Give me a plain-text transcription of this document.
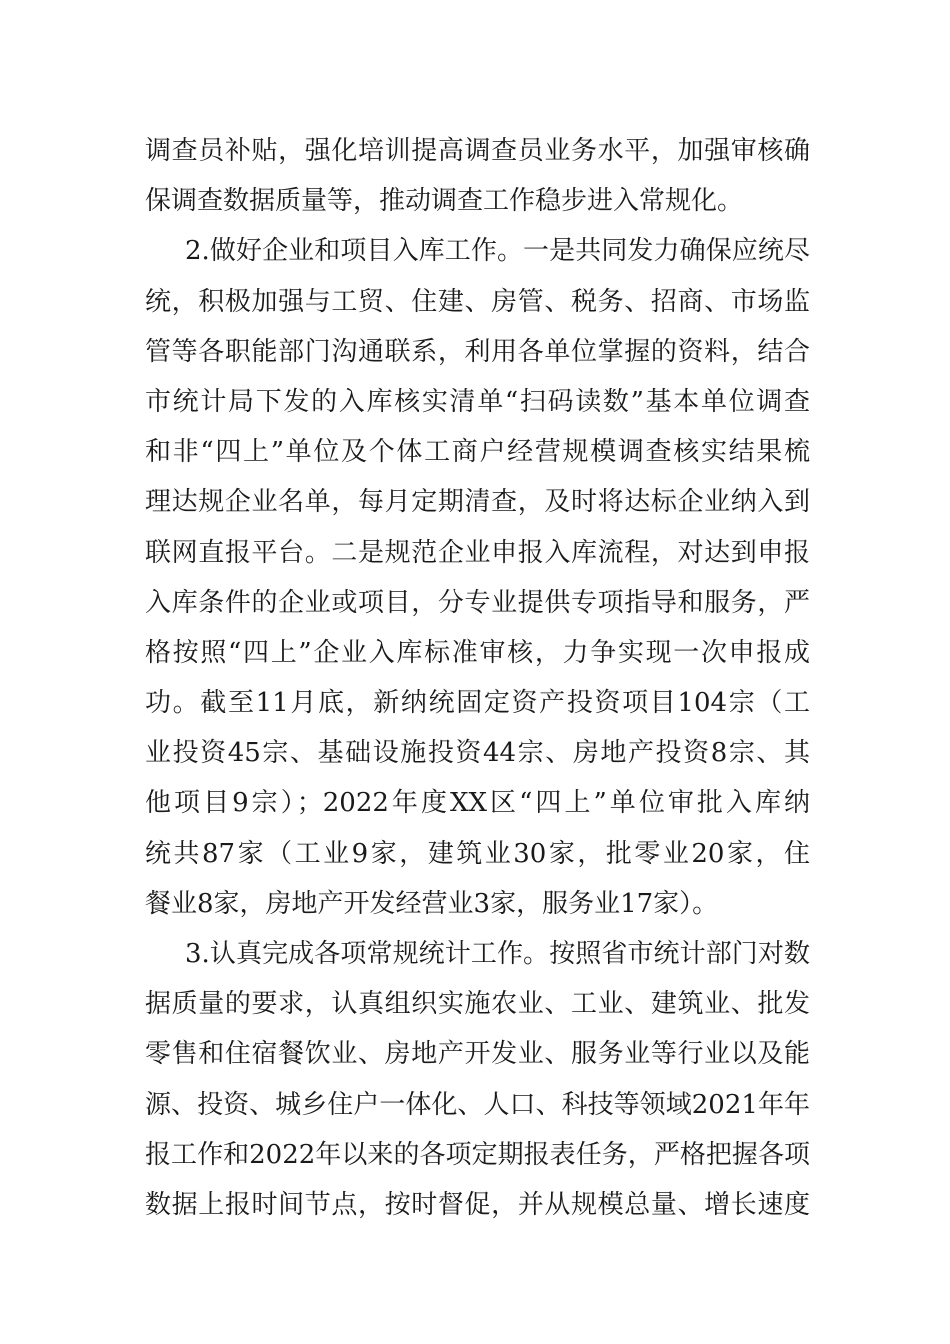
调查员补贴，强化培训提高调查员业务水平，加强审核确
保调查数据质量等，推动调查工作稳步进入常规化。
2.做好企业和项目入库工作。一是共同发力确保应统尽
统，积极加强与工贸、住建、房管、税务、招商、市场监
管等各职能部门沟通联系，利用各单位掌握的资料，结合
市统计局下发的入库核实清单“扫码读数”基本单位调查
和非“四上”单位及个体工商户经营规模调查核实结果梳
理达规企业名单，每月定期清查，及时将达标企业纳入到
联网直报平台。二是规范企业申报入库流程，对达到申报
入库条件的企业或项目，分专业提供专项指导和服务，严
格按照“四上”企业入库标准审核，力争实现一次申报成
功。截至11月底，新纳统固定资产投资项目104宗（工
业投资45宗、基础设施投资44宗、房地产投资8宗、其
他项目9宗）；2022年度XX区“四上”单位审批入库纳
统共87家（工业9家，建筑业30家，批零业20家，住
餐业8家，房地产开发经营业3家，服务业17家）。
3.认真完成各项常规统计工作。按照省市统计部门对数
据质量的要求，认真组织实施农业、工业、建筑业、批发
零售和住宿餐饮业、房地产开发业、服务业等行业以及能
源、投资、城乡住户一体化、人口、科技等领域2021年年
报工作和2022年以来的各项定期报表任务，严格把握各项
数据上报时间节点，按时督促，并从规模总量、增长速度
